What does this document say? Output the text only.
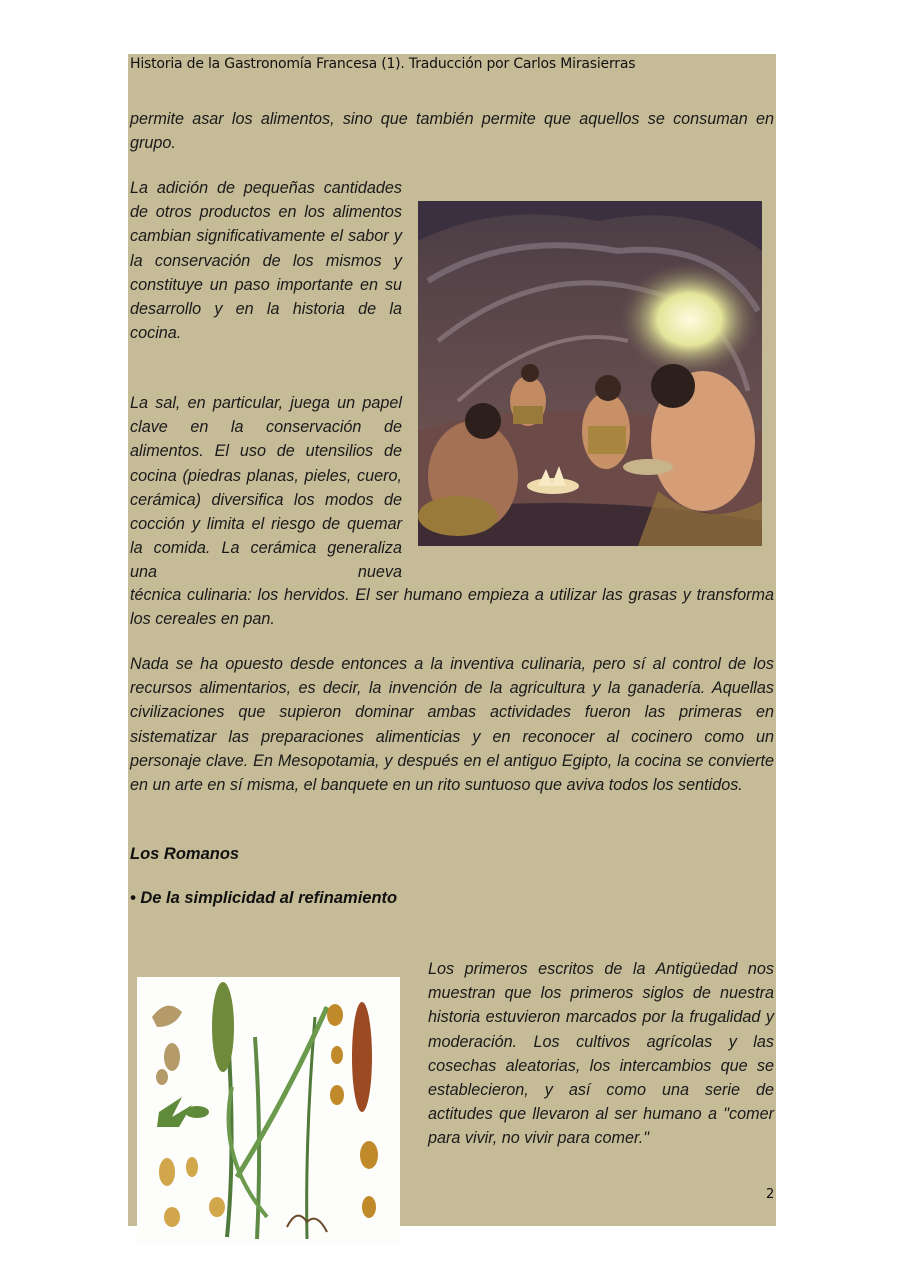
Historia de la Gastronomía Francesa (1). Traducción por Carlos Mirasierras

permite asar los alimentos, sino que también permite que aquellos se consuman en grupo.

La adición de pequeñas cantidades de otros productos en los alimentos cambian significativamente el sabor y la conservación de los mismos y constituye un paso importante en su desarrollo y en la historia de la cocina.

La sal, en particular, juega un papel clave en la conservación de alimentos. El uso de utensilios de cocina (piedras planas, pieles, cuero, cerámica) diversifica los modos de cocción y limita el riesgo de quemar la comida. La cerámica generaliza una nueva

técnica culinaria: los hervidos. El ser humano empieza a utilizar las grasas y transforma los cereales en pan.

Nada se ha opuesto desde entonces a la inventiva culinaria, pero sí al control de los recursos alimentarios, es decir, la invención de la agricultura y la ganadería. Aquellas civilizaciones que supieron dominar ambas actividades fueron las primeras en sistematizar las preparaciones alimenticias y en reconocer al cocinero como un personaje clave. En Mesopotamia, y después en el antiguo Egipto, la cocina se convierte en un arte en sí misma, el banquete en un rito suntuoso que aviva todos los sentidos.

Los Romanos

• De la simplicidad al refinamiento

Los primeros escritos de la Antigüedad nos muestran que los primeros siglos de nuestra historia estuvieron marcados por la frugalidad y moderación. Los cultivos agrícolas y las cosechas aleatorias, los intercambios que se establecieron, y así como una serie de actitudes que llevaron al ser humano a "comer para vivir, no vivir para comer."

2
